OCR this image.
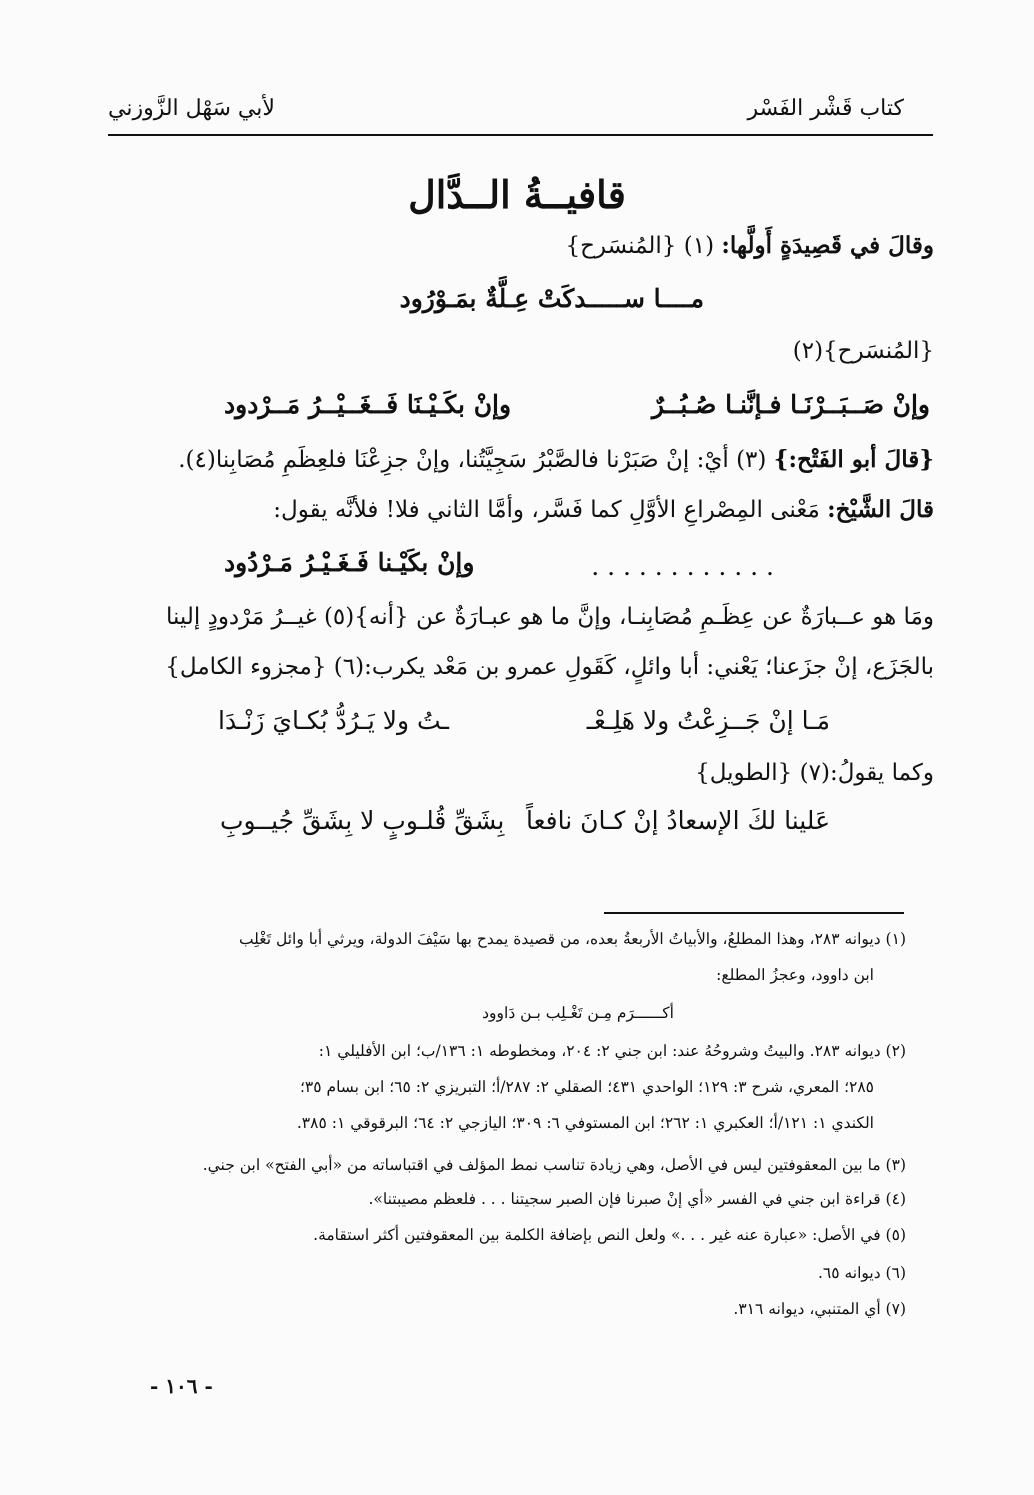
كتاب قَشْر الفَسْر
لأبي سَهْل الزَّوزني
قافيــةُ الــدَّال
وقالَ في قَصِيدَةٍ أَولَّها: (١) {المُنسَرح}
مــــا ســـــدكَتْ عِـلَّةٌ بمَـوْرُود
{المُنسَرح}(٢)
وإنْ صَــبَــرْنَـا فـإنَّنـا صُـبُــرٌ
وإنْ بكَـيْـنَا فَــغَــيْــرُ مَــرْدود
{قالَ أبو الفَتْح:} (٣) أيْ: إنْ صَبَرْنا فالصَّبْرُ سَجِيَّتُنا، وإنْ جزِعْنَا فلعِظَمِ مُصَابِنا(٤).
قالَ الشَّيْخ: مَعْنى المِصْراعِ الأوَّلِ كما فَسَّر، وأمَّا الثاني فلا! فلأنَّه يقول:
. . . . . . . . . . . .
وإنْ بكَيْـنا فَـغَـيْـرُ مَـرْدُود
ومَا هو عــبارَةٌ عن عِظَـمِ مُصَابِنـا، وإنَّ ما هو عبـارَةٌ عن {أنه}(٥) غيــرُ مَرْدودٍ إلينا
بالجَزَع، إنْ جزَعنا؛ يَعْني: أبا وائلٍ، كَقَولِ عمرو بن مَعْد يكرب:(٦) {مجزوء الكامل}
مَـا إنْ جَــزِعْتُ ولا هَلِـعْـ
ـتُ ولا يَـرُدُّ بُكـايَ زَنْـدَا
وكما يقولُ:(٧) {الطويل}
عَلينا لكَ الإسعادُ إنْ كـانَ نافعاً
بِشَقِّ قُلـوبٍ لا بِشَقِّ جُيــوبِ
(١) ديوانه ٢٨٣، وهذا المطلعُ، والأبياتُ الأربعةُ بعده، من قصيدة يمدح بها سَيْفَ الدولة، ويرثي أبا وائل تَغْلِب
ابن داوود، وعجزُ المطلع:
أكــــــرَم مِـن تَغْـلِب بـن دَاوود
(٢) ديوانه ٢٨٣. والبيتُ وشروحُهُ عند: ابن جني ٢: ٢٠٤، ومخطوطه ١: ١٣٦/ب؛ ابن الأفليلي ١:
٢٨٥؛ المعري، شرح ٣: ١٢٩؛ الواحدي ٤٣١؛ الصقلي ٢: ٢٨٧/أ؛ التبريزي ٢: ٦٥؛ ابن بسام ٣٥؛
الكندي ١: ١٢١/أ؛ العكبري ١: ٢٦٢؛ ابن المستوفي ٦: ٣٠٩؛ اليازجي ٢: ٦٤؛ البرقوقي ١: ٣٨٥.
(٣) ما بين المعقوفتين ليس في الأصل، وهي زيادة تناسب نمط المؤلف في اقتباساته من «أبي الفتح» ابن جني.
(٤) قراءة ابن جني في الفسر «أي إنْ صبرنا فإن الصبر سجيتنا . . . فلعظم مصيبتنا».
(٥) في الأصل: «عبارة عنه غير . . .» ولعل النص بإضافة الكلمة بين المعقوفتين أكثر استقامة.
(٦) ديوانه ٦٥.
(٧) أي المتنبي، ديوانه ٣١٦.
- ١٠٦ -
